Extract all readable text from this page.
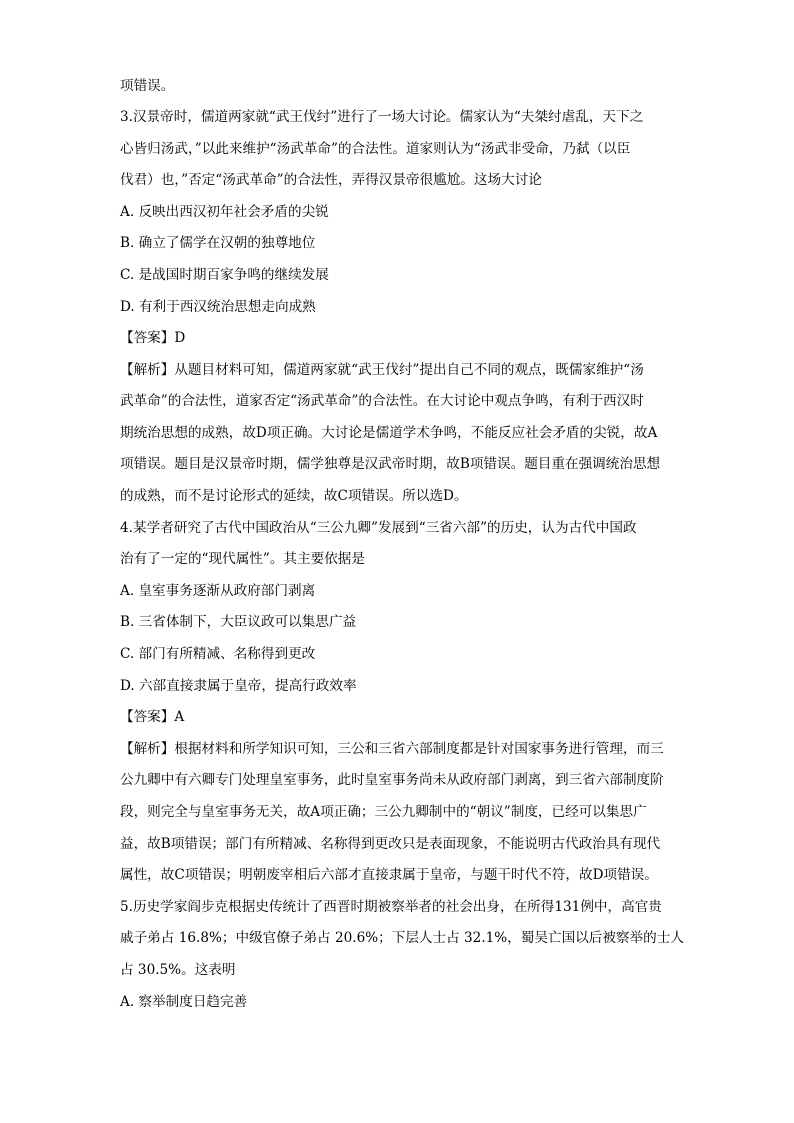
项错误。
3.汉景帝时，儒道两家就“武王伐纣”进行了一场大讨论。儒家认为“夫桀纣虐乱，天下之
心皆归汤武，”以此来维护“汤武革命”的合法性。道家则认为“汤武非受命，乃弑（以臣
伐君）也，”否定“汤武革命”的合法性，弄得汉景帝很尴尬。这场大讨论
A. 反映出西汉初年社会矛盾的尖锐
B. 确立了儒学在汉朝的独尊地位
C. 是战国时期百家争鸣的继续发展
D. 有利于西汉统治思想走向成熟
【答案】D
【解析】从题目材料可知，儒道两家就“武王伐纣”提出自己不同的观点，既儒家维护“汤
武革命”的合法性，道家否定“汤武革命”的合法性。在大讨论中观点争鸣，有利于西汉时
期统治思想的成熟，故D项正确。大讨论是儒道学术争鸣，不能反应社会矛盾的尖锐，故A
项错误。题目是汉景帝时期，儒学独尊是汉武帝时期，故B项错误。题目重在强调统治思想
的成熟，而不是讨论形式的延续，故C项错误。所以选D。
4.某学者研究了古代中国政治从“三公九卿”发展到“三省六部”的历史，认为古代中国政
治有了一定的“现代属性”。其主要依据是
A. 皇室事务逐渐从政府部门剥离
B. 三省体制下，大臣议政可以集思广益
C. 部门有所精减、名称得到更改
D. 六部直接隶属于皇帝，提高行政效率
【答案】A
【解析】根据材料和所学知识可知，三公和三省六部制度都是针对国家事务进行管理，而三
公九卿中有六卿专门处理皇室事务，此时皇室事务尚未从政府部门剥离，到三省六部制度阶
段，则完全与皇室事务无关，故A项正确；三公九卿制中的“朝议”制度，已经可以集思广
益，故B项错误；部门有所精减、名称得到更改只是表面现象，不能说明古代政治具有现代
属性，故C项错误；明朝废宰相后六部才直接隶属于皇帝，与题干时代不符，故D项错误。
5.历史学家阎步克根据史传统计了西晋时期被察举者的社会出身，在所得131例中，高官贵
戚子弟占 16.8%；中级官僚子弟占 20.6%；下层人士占 32.1%，蜀吴亡国以后被察举的士人
占 30.5%。这表明
A. 察举制度日趋完善
